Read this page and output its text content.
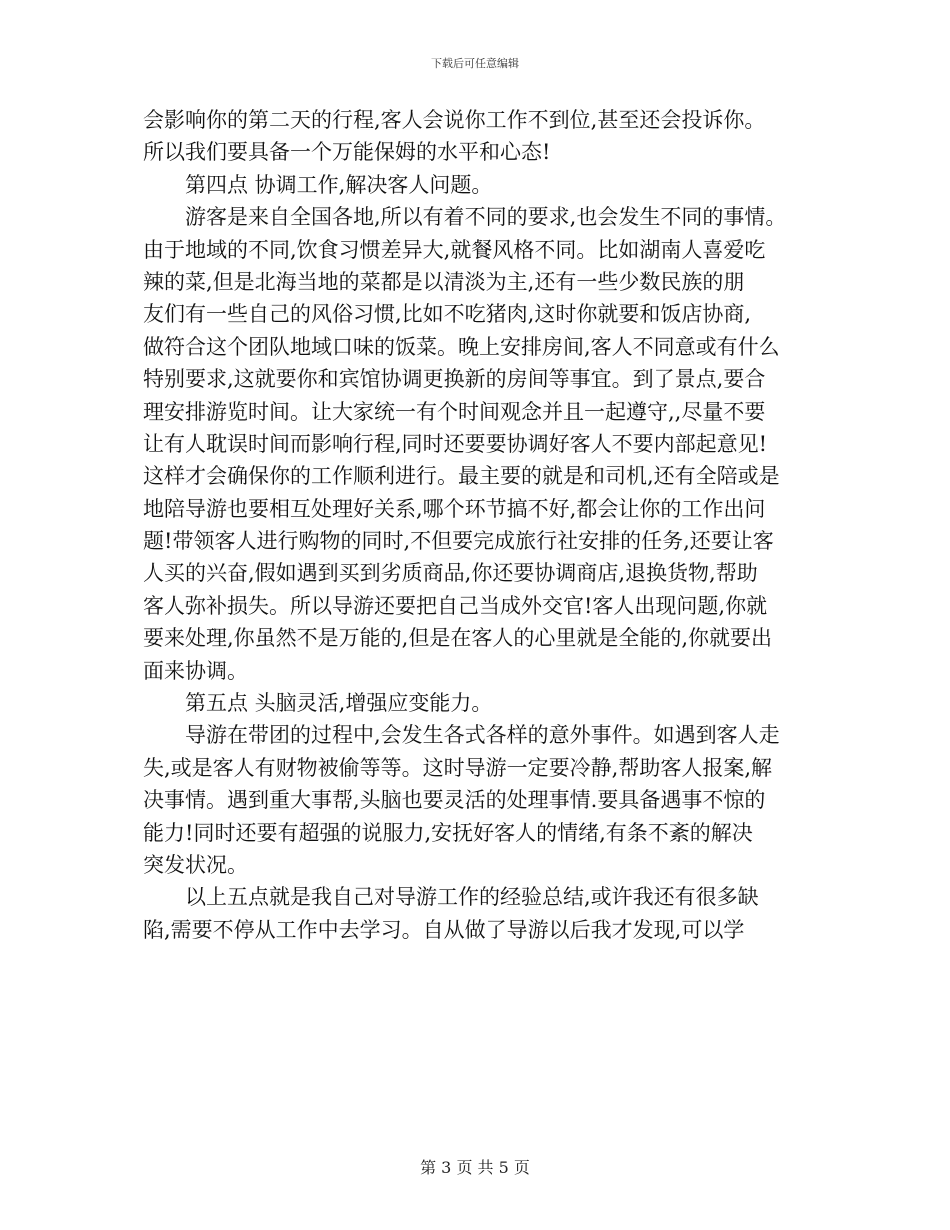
下载后可任意编辑

会影响你的第二天的行程,客人会说你工作不到位,甚至还会投诉你。
所以我们要具备一个万能保姆的水平和心态!

第四点 协调工作,解决客人问题。

游客是来自全国各地,所以有着不同的要求,也会发生不同的事情。
由于地域的不同,饮食习惯差异大,就餐风格不同。比如湖南人喜爱吃
辣的菜,但是北海当地的菜都是以清淡为主,还有一些少数民族的朋
友们有一些自己的风俗习惯,比如不吃猪肉,这时你就要和饭店协商,
做符合这个团队地域口味的饭菜。晚上安排房间,客人不同意或有什么
特别要求,这就要你和宾馆协调更换新的房间等事宜。到了景点,要合
理安排游览时间。让大家统一有个时间观念并且一起遵守,,尽量不要
让有人耽误时间而影响行程,同时还要要协调好客人不要内部起意见!
这样才会确保你的工作顺利进行。最主要的就是和司机,还有全陪或是
地陪导游也要相互处理好关系,哪个环节搞不好,都会让你的工作出问
题!带领客人进行购物的同时,不但要完成旅行社安排的任务,还要让客
人买的兴奋,假如遇到买到劣质商品,你还要协调商店,退换货物,帮助
客人弥补损失。所以导游还要把自己当成外交官!客人出现问题,你就
要来处理,你虽然不是万能的,但是在客人的心里就是全能的,你就要出
面来协调。

第五点 头脑灵活,增强应变能力。

导游在带团的过程中,会发生各式各样的意外事件。如遇到客人走
失,或是客人有财物被偷等等。这时导游一定要冷静,帮助客人报案,解
决事情。遇到重大事帮,头脑也要灵活的处理事情.要具备遇事不惊的
能力!同时还要有超强的说服力,安抚好客人的情绪,有条不紊的解决
突发状况。

以上五点就是我自己对导游工作的经验总结,或许我还有很多缺
陷,需要不停从工作中去学习。自从做了导游以后我才发现,可以学

第 3 页 共 5 页
